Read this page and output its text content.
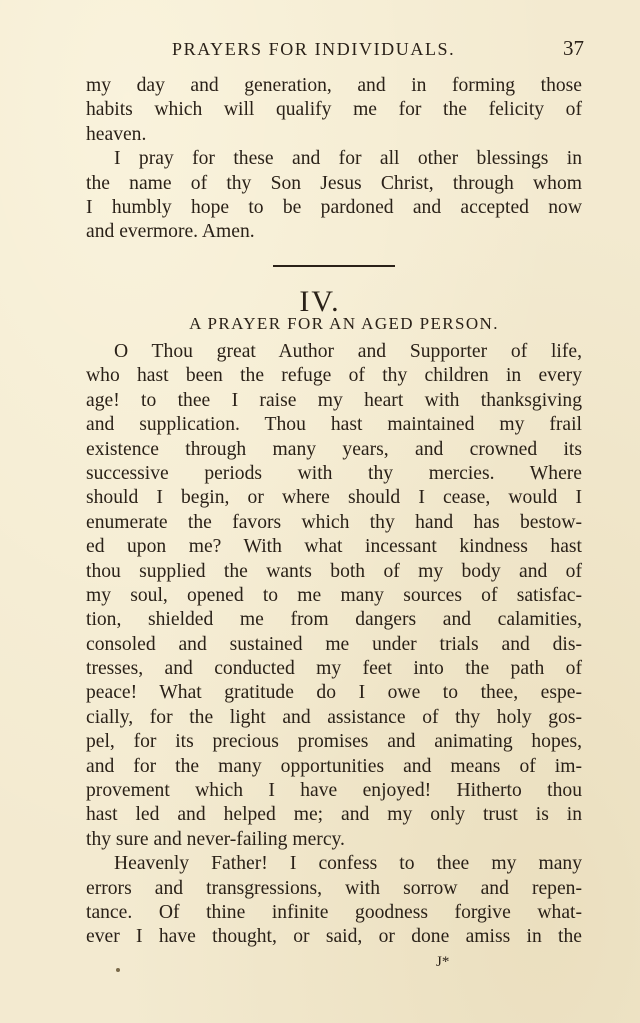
PRAYERS FOR INDIVIDUALS.	37
my day and generation, and in forming those
habits which will qualify me for the felicity of
heaven.
I pray for these and for all other blessings in
the name of thy Son Jesus Christ, through whom
I humbly hope to be pardoned and accepted now
and evermore. Amen.
IV.
A PRAYER FOR AN AGED PERSON.
O Thou great Author and Supporter of life,
who hast been the refuge of thy children in every
age! to thee I raise my heart with thanksgiving
and supplication. Thou hast maintained my frail
existence through many years, and crowned its
successive periods with thy mercies. Where
should I begin, or where should I cease, would I
enumerate the favors which thy hand has bestow-
ed upon me? With what incessant kindness hast
thou supplied the wants both of my body and of
my soul, opened to me many sources of satisfac-
tion, shielded me from dangers and calamities,
consoled and sustained me under trials and dis-
tresses, and conducted my feet into the path of
peace! What gratitude do I owe to thee, espe-
cially, for the light and assistance of thy holy gos-
pel, for its precious promises and animating hopes,
and for the many opportunities and means of im-
provement which I have enjoyed! Hitherto thou
hast led and helped me; and my only trust is in
thy sure and never-failing mercy.
Heavenly Father! I confess to thee my many
errors and transgressions, with sorrow and repen-
tance. Of thine infinite goodness forgive what-
ever I have thought, or said, or done amiss in the
J*
